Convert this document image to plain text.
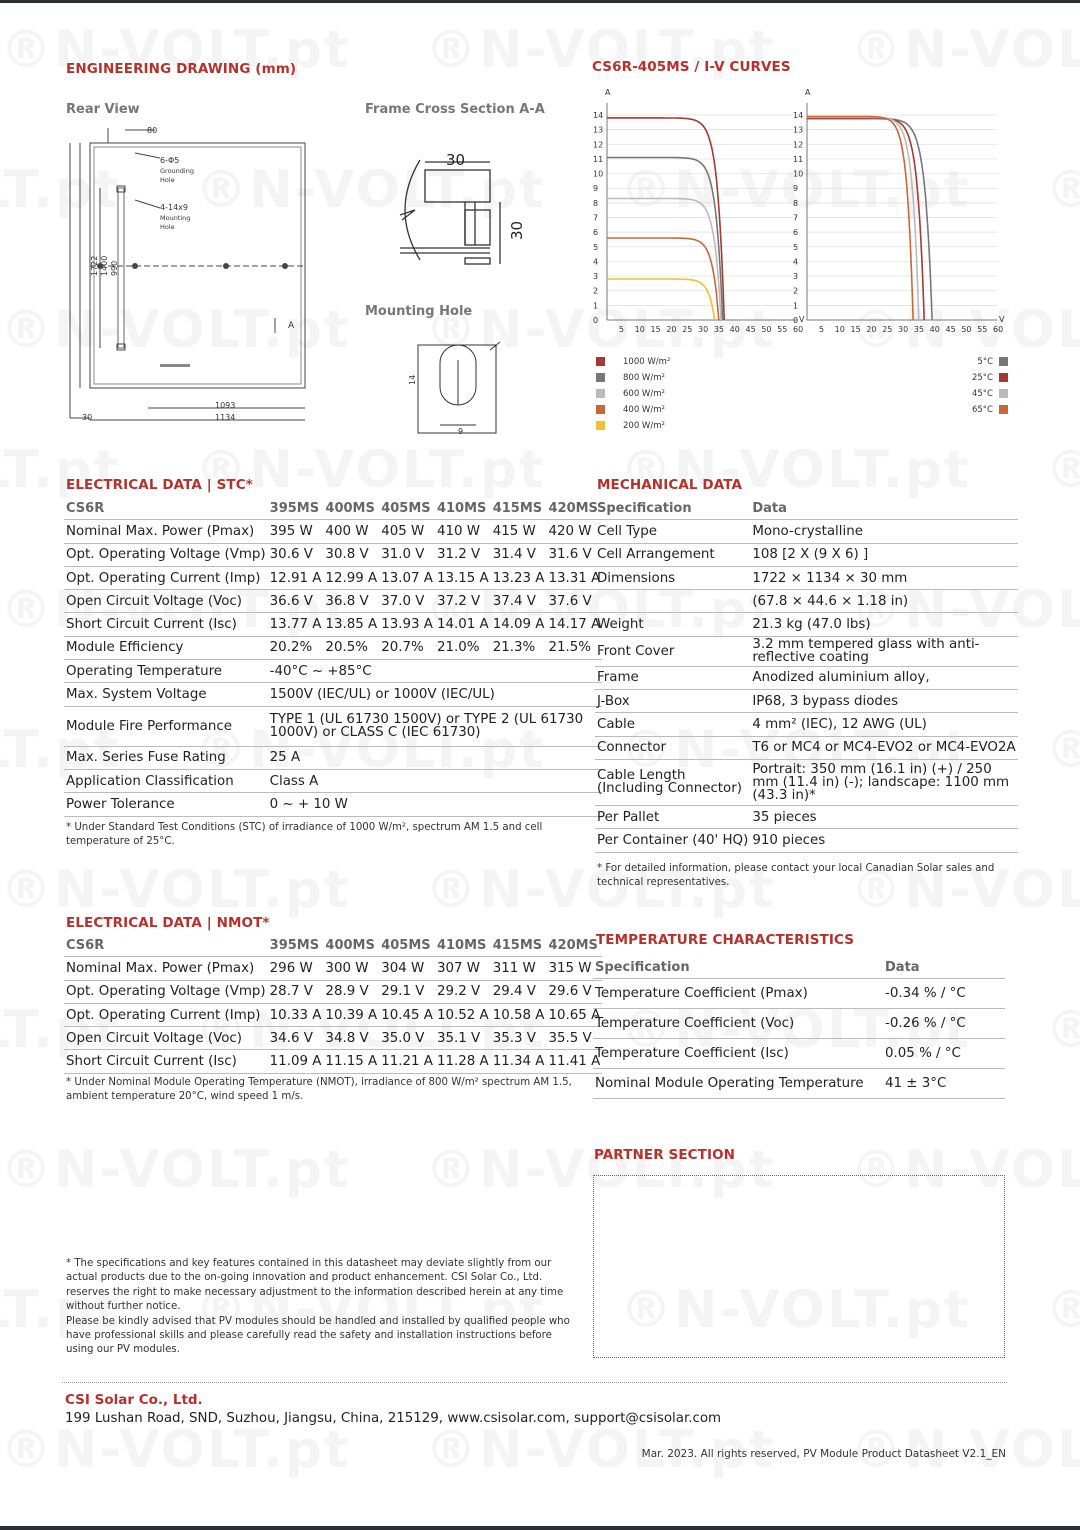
ENGINEERING DRAWING (mm)
Rear View	Frame Cross Section A-A
Mounting Hole
80
6-Φ5
Grounding
Hole
4-14x9
Mounting
Hole
1722 1400 990
1093
1134
30
A
30
30
14
9
CS6R-405MS / I-V CURVES
A
V
14
13
12
11
10
9
8
7
6
5
4
3
2
1
0
5 10 15 20 25 30 35 40 45 50 55 60
A
V
14
13
12
11
10
9
8
7
6
5
4
3
2
1
0
5 10 15 20 25 30 35 40 45 50 55 60
1000 W/m²
800 W/m²
600 W/m²
400 W/m²
200 W/m²
5°C
25°C
45°C
65°C
ELECTRICAL DATA | STC*
CS6R	395MS	400MS	405MS	410MS	415MS	420MS
Nominal Max. Power (Pmax)	395 W	400 W	405 W	410 W	415 W	420 W
Opt. Operating Voltage (Vmp)	30.6 V	30.8 V	31.0 V	31.2 V	31.4 V	31.6 V
Opt. Operating Current (Imp)	12.91 A	12.99 A	13.07 A	13.15 A	13.23 A	13.31 A
Open Circuit Voltage (Voc)	36.6 V	36.8 V	37.0 V	37.2 V	37.4 V	37.6 V
Short Circuit Current (Isc)	13.77 A	13.85 A	13.93 A	14.01 A	14.09 A	14.17 A
Module Efficiency	20.2%	20.5%	20.7%	21.0%	21.3%	21.5%
Operating Temperature	-40°C ~ +85°C					
Max. System Voltage	1500V (IEC/UL) or 1000V (IEC/UL)					
Module Fire Performance	TYPE 1 (UL 61730 1500V) or TYPE 2 (UL 61730 1000V) or CLASS C (IEC 61730)					
Max. Series Fuse Rating	25 A					
Application Classification	Class A					
Power Tolerance	0 ~ + 10 W					
* Under Standard Test Conditions (STC) of irradiance of 1000 W/m², spectrum AM 1.5 and cell temperature of 25°C.
MECHANICAL DATA
Specification	Data
Cell Type	Mono-crystalline
Cell Arrangement	108 [2 X (9 X 6) ]
Dimensions	1722 × 1134 × 30 mm
	(67.8 × 44.6 × 1.18 in)
Weight	21.3 kg (47.0 lbs)
Front Cover	3.2 mm tempered glass with anti-reflective coating
Frame	Anodized aluminium alloy,
J-Box	IP68, 3 bypass diodes
Cable	4 mm² (IEC), 12 AWG (UL)
Connector	T6 or MC4 or MC4-EVO2 or MC4-EVO2A
Cable Length (Including Connector)	Portrait: 350 mm (16.1 in) (+) / 250 mm (11.4 in) (-); landscape: 1100 mm (43.3 in)*
Per Pallet	35 pieces
Per Container (40' HQ)	910 pieces
* For detailed information, please contact your local Canadian Solar sales and technical representatives.
ELECTRICAL DATA | NMOT*
CS6R	395MS	400MS	405MS	410MS	415MS	420MS
Nominal Max. Power (Pmax)	296 W	300 W	304 W	307 W	311 W	315 W
Opt. Operating Voltage (Vmp)	28.7 V	28.9 V	29.1 V	29.2 V	29.4 V	29.6 V
Opt. Operating Current (Imp)	10.33 A	10.39 A	10.45 A	10.52 A	10.58 A	10.65 A
Open Circuit Voltage (Voc)	34.6 V	34.8 V	35.0 V	35.1 V	35.3 V	35.5 V
Short Circuit Current (Isc)	11.09 A	11.15 A	11.21 A	11.28 A	11.34 A	11.41 A
* Under Nominal Module Operating Temperature (NMOT), irradiance of 800 W/m² spectrum AM 1.5, ambient temperature 20°C, wind speed 1 m/s.
TEMPERATURE CHARACTERISTICS
Specification	Data
Temperature Coefficient (Pmax)	-0.34 % / °C
Temperature Coefficient (Voc)	-0.26 % / °C
Temperature Coefficient (Isc)	0.05 % / °C
Nominal Module Operating Temperature	41 ± 3°C
PARTNER SECTION
* The specifications and key features contained in this datasheet may deviate slightly from our actual products due to the on-going innovation and product enhancement. CSI Solar Co., Ltd. reserves the right to make necessary adjustment to the information described herein at any time without further notice.
Please be kindly advised that PV modules should be handled and installed by qualified people who have professional skills and please carefully read the safety and installation instructions before using our PV modules.
CSI Solar Co., Ltd.
199 Lushan Road, SND, Suzhou, Jiangsu, China, 215129, www.csisolar.com, support@csisolar.com
Mar. 2023. All rights reserved, PV Module Product Datasheet V2.1_EN
